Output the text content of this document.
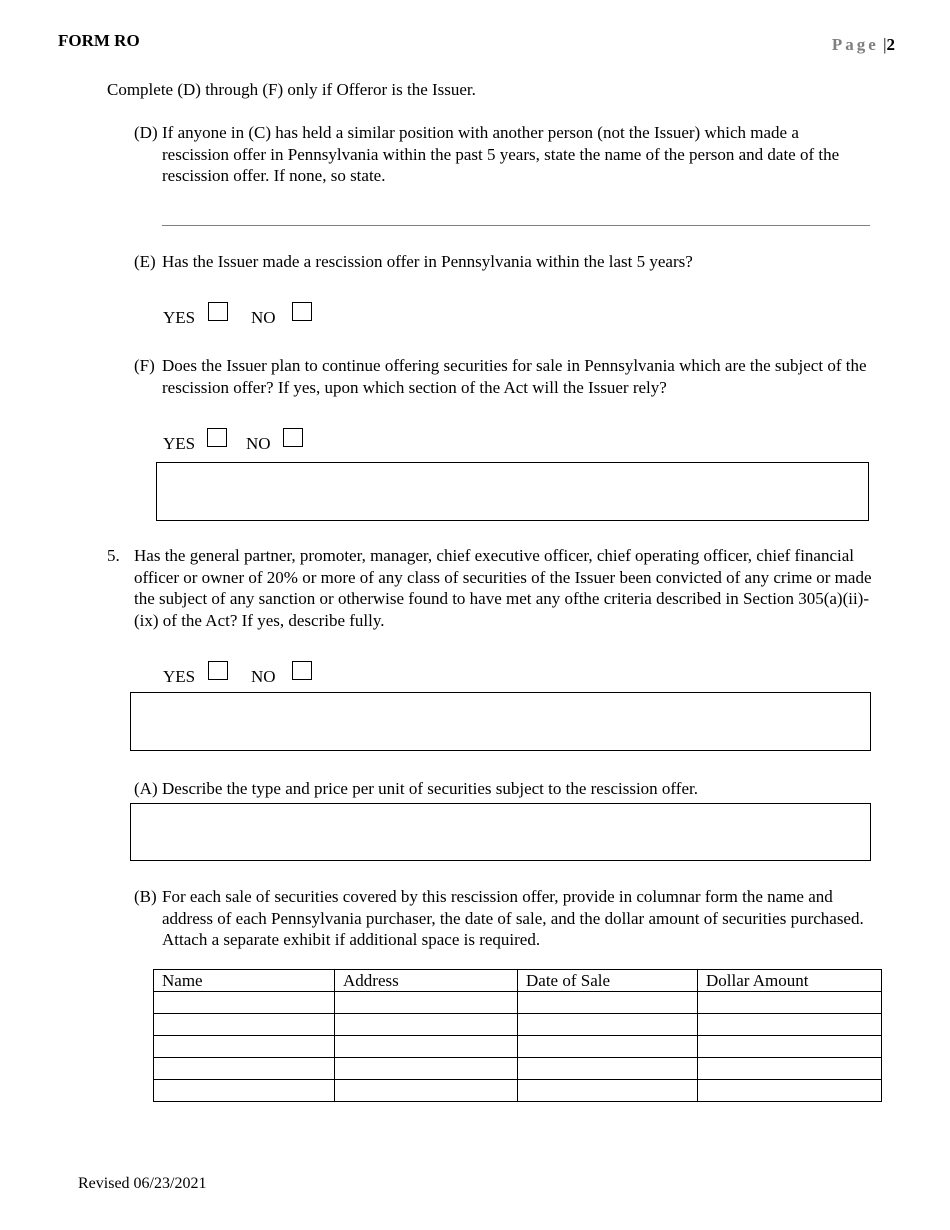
FORM RO	Page |2
Complete (D) through (F) only if Offeror is the Issuer.
(D) If anyone in (C) has held a similar position with another person (not the Issuer) which made a rescission offer in Pennsylvania within the past 5 years, state the name of the person and date of the rescission offer. If none, so state.
(E) Has the Issuer made a rescission offer in Pennsylvania within the last 5 years?
YES	NO
(F) Does the Issuer plan to continue offering securities for sale in Pennsylvania which are the subject of the rescission offer? If yes, upon which section of the Act will the Issuer rely?
YES	NO
5. Has the general partner, promoter, manager, chief executive officer, chief operating officer, chief financial officer or owner of 20% or more of any class of securities of the Issuer been convicted of any crime or made the subject of any sanction or otherwise found to have met any ofthe criteria described in Section 305(a)(ii)-(ix) of the Act? If yes, describe fully.
YES	NO
(A) Describe the type and price per unit of securities subject to the rescission offer.
(B) For each sale of securities covered by this rescission offer, provide in columnar form the name and address of each Pennsylvania purchaser, the date of sale, and the dollar amount of securities purchased. Attach a separate exhibit if additional space is required.
Name	Address	Date of Sale	Dollar Amount

Revised 06/23/2021
